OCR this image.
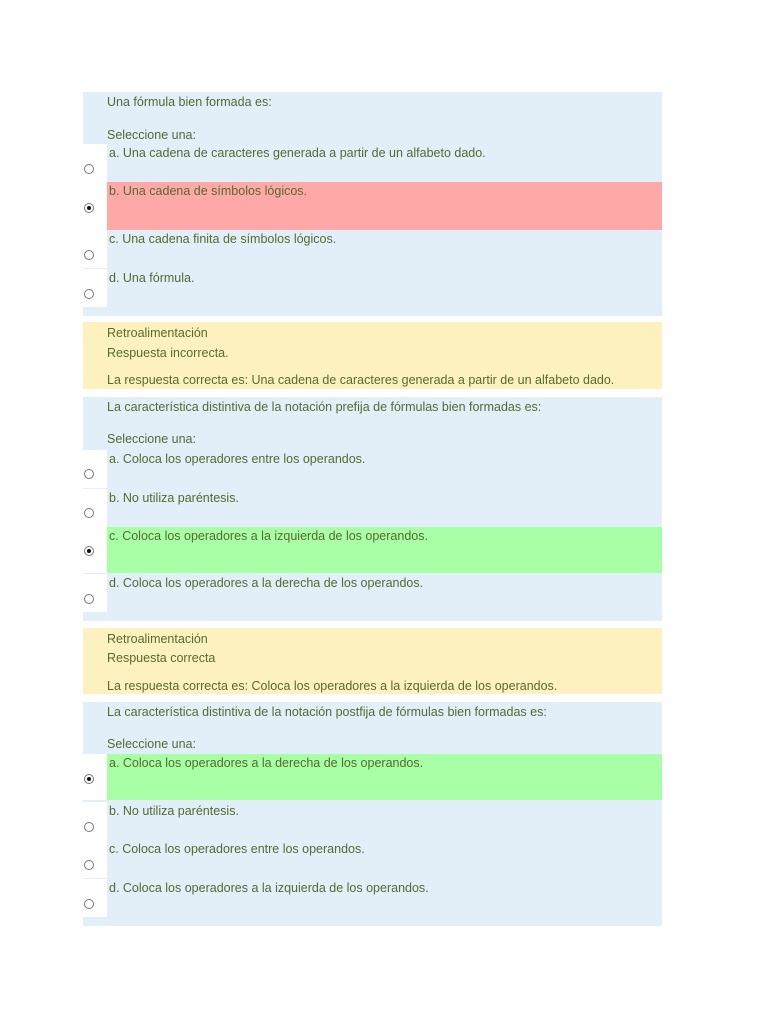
Una fórmula bien formada es:
Seleccione una:
a. Una cadena de caracteres generada a partir de un alfabeto dado.
b. Una cadena de símbolos lógicos.
c. Una cadena finita de símbolos lógicos.
d. Una fórmula.
Retroalimentación
Respuesta incorrecta.
La respuesta correcta es: Una cadena de caracteres generada a partir de un alfabeto dado.
La característica distintiva de la notación prefija de fórmulas bien formadas es:
Seleccione una:
a. Coloca los operadores entre los operandos.
b. No utiliza paréntesis.
c. Coloca los operadores a la izquierda de los operandos.
d. Coloca los operadores a la derecha de los operandos.
Retroalimentación
Respuesta correcta
La respuesta correcta es: Coloca los operadores a la izquierda de los operandos.
La característica distintiva de la notación postfija de fórmulas bien formadas es:
Seleccione una:
a. Coloca los operadores a la derecha de los operandos.
b. No utiliza paréntesis.
c. Coloca los operadores entre los operandos.
d. Coloca los operadores a la izquierda de los operandos.
